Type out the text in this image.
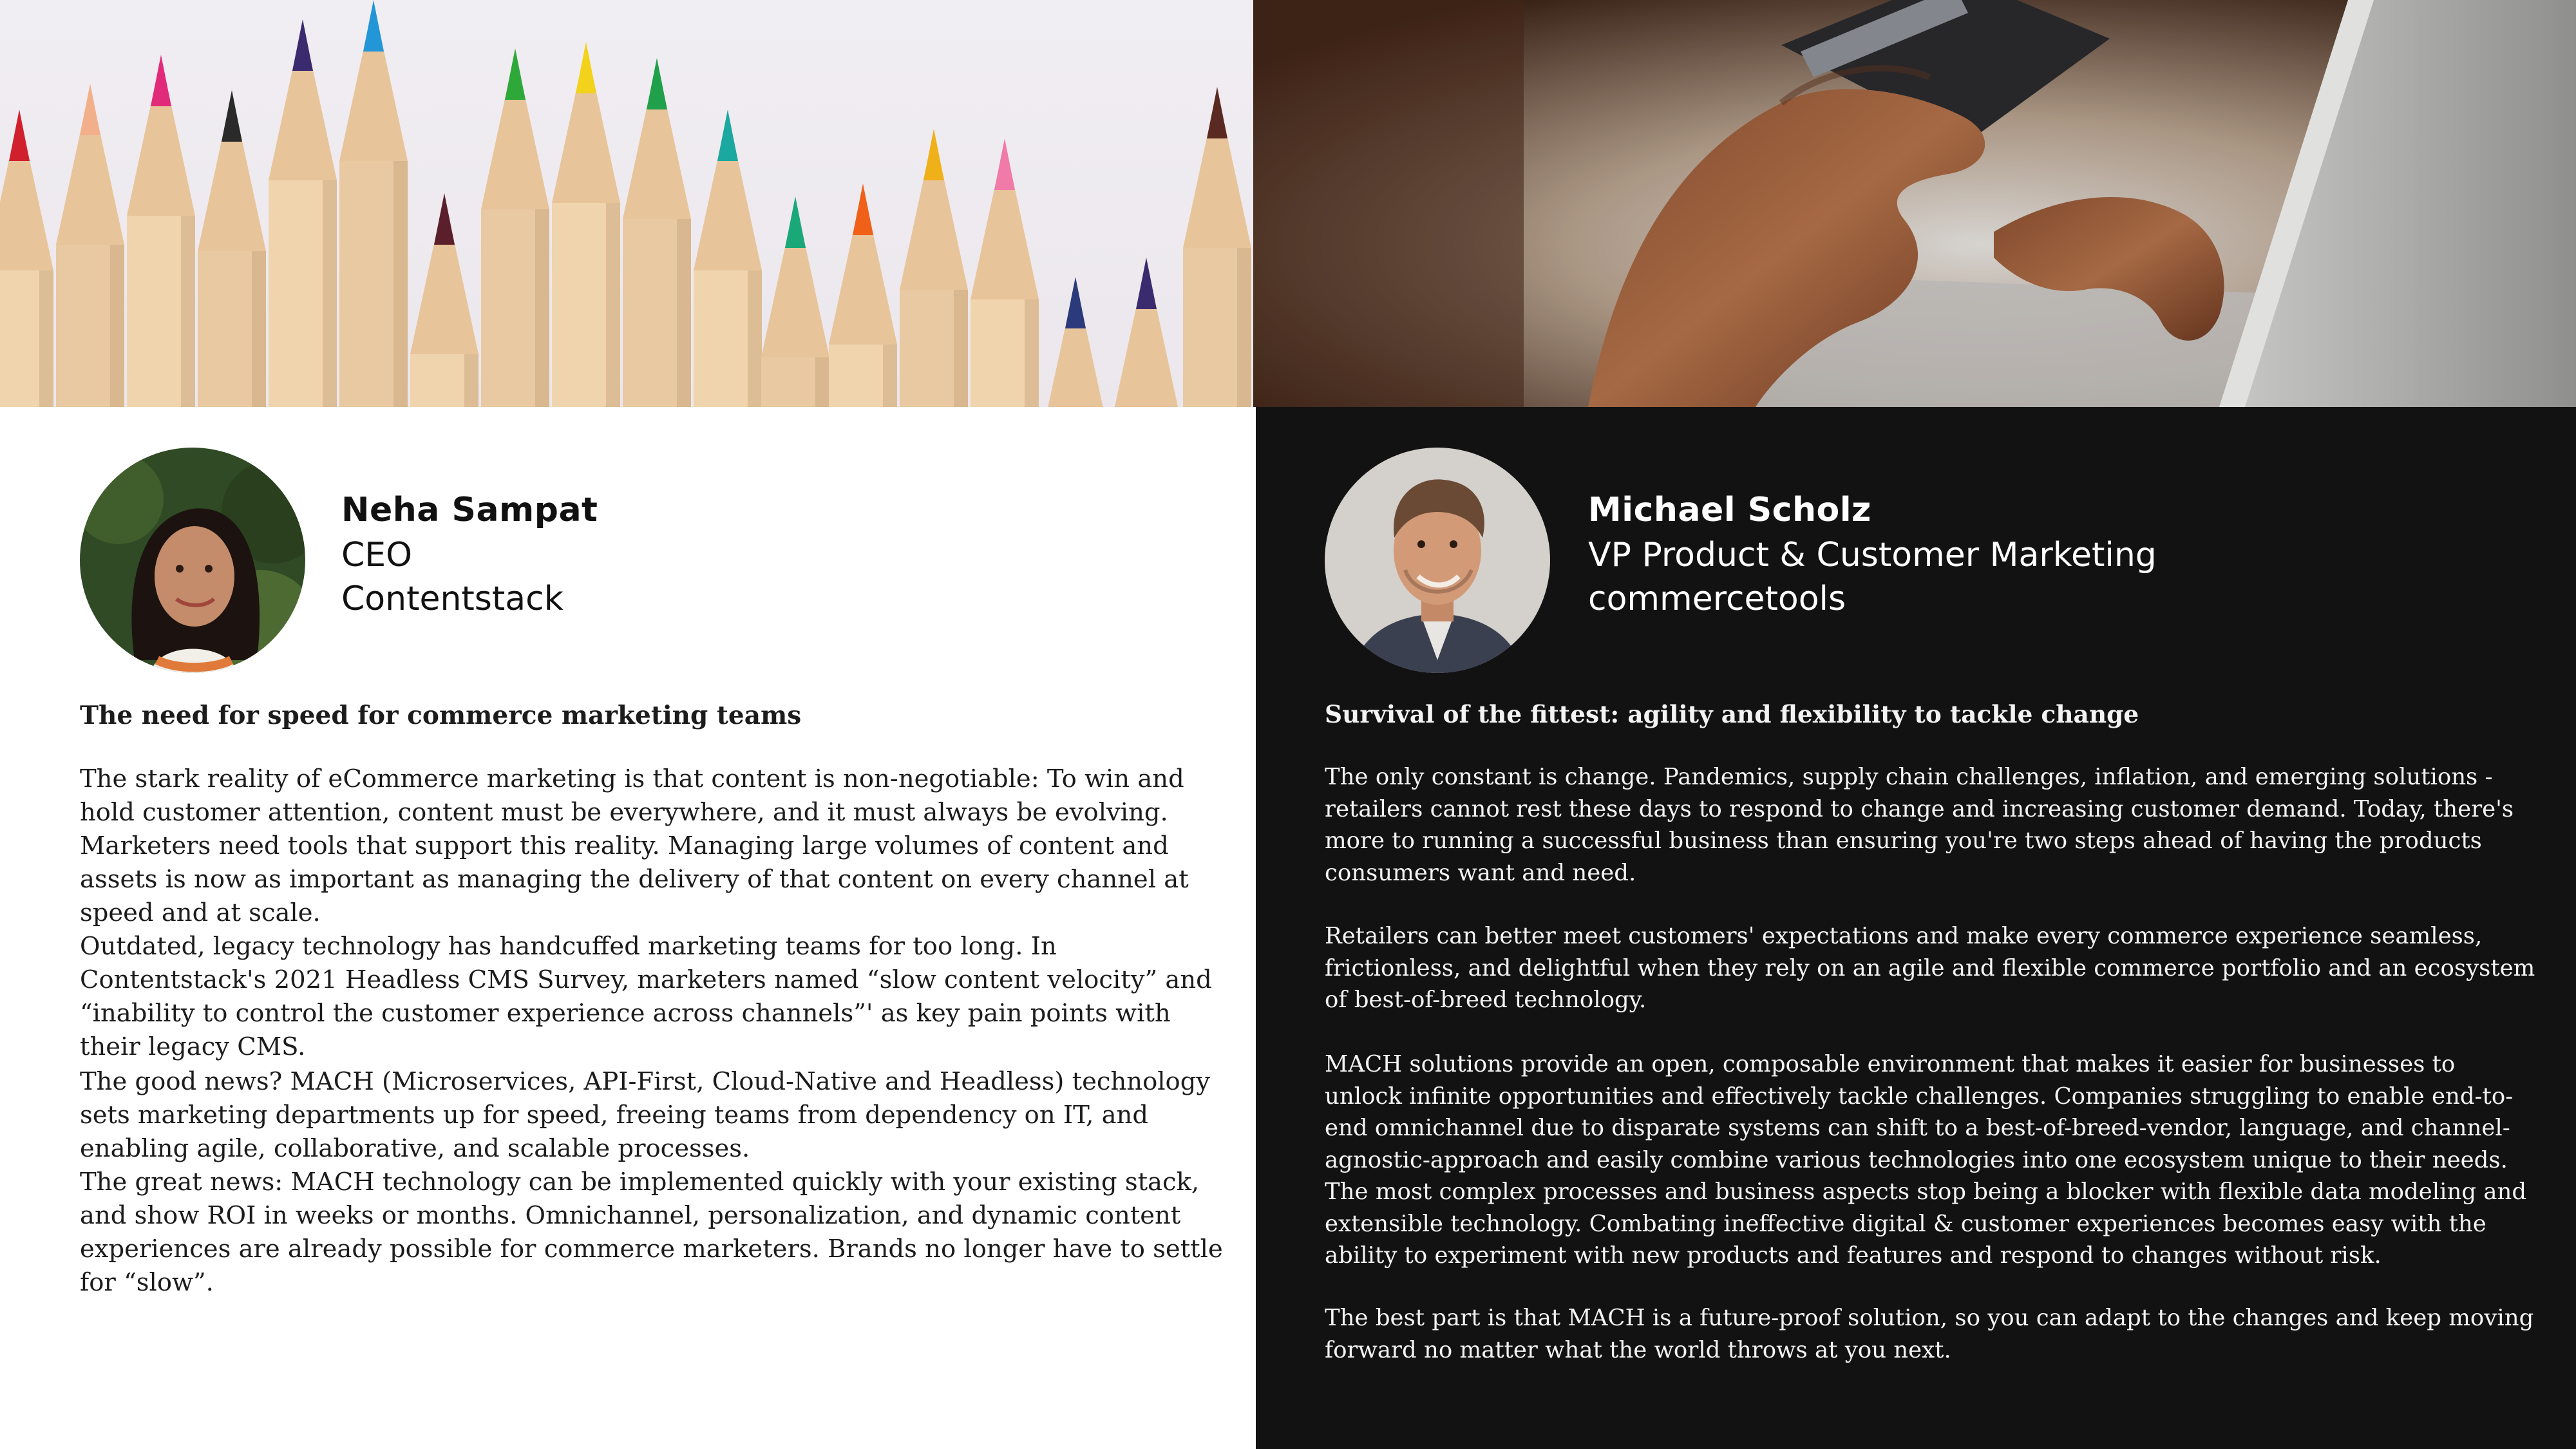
Neha Sampat
CEO
Contentstack
The need for speed for commerce marketing teams

The stark reality of eCommerce marketing is that content is non-negotiable: To win and hold customer attention, content must be everywhere, and it must always be evolving.

Marketers need tools that support this reality. Managing large volumes of content and assets is now as important as managing the delivery of that content on every channel at speed and at scale.

Outdated, legacy technology has handcuffed marketing teams for too long. In Contentstack's 2021 Headless CMS Survey, marketers named “slow content velocity” and “inability to control the customer experience across channels”' as key pain points with their legacy CMS.

The good news? MACH (Microservices, API-First, Cloud-Native and Headless) technology sets marketing departments up for speed, freeing teams from dependency on IT, and enabling agile, collaborative, and scalable processes.

The great news: MACH technology can be implemented quickly with your existing stack, and show ROI in weeks or months. Omnichannel, personalization, and dynamic content experiences are already possible for commerce marketers. Brands no longer have to settle for “slow”.

Michael Scholz
VP Product & Customer Marketing
commercetools
Survival of the fittest: agility and flexibility to tackle change

The only constant is change. Pandemics, supply chain challenges, inflation, and emerging solutions - retailers cannot rest these days to respond to change and increasing customer demand. Today, there's more to running a successful business than ensuring you're two steps ahead of having the products consumers want and need.

Retailers can better meet customers' expectations and make every commerce experience seamless, frictionless, and delightful when they rely on an agile and flexible commerce portfolio and an ecosystem of best-of-breed technology.

MACH solutions provide an open, composable environment that makes it easier for businesses to unlock infinite opportunities and effectively tackle challenges. Companies struggling to enable end-to-end omnichannel due to disparate systems can shift to a best-of-breed-vendor, language, and channel-agnostic-approach and easily combine various technologies into one ecosystem unique to their needs. The most complex processes and business aspects stop being a blocker with flexible data modeling and extensible technology. Combating ineffective digital & customer experiences becomes easy with the ability to experiment with new products and features and respond to changes without risk.

The best part is that MACH is a future-proof solution, so you can adapt to the changes and keep moving forward no matter what the world throws at you next.
